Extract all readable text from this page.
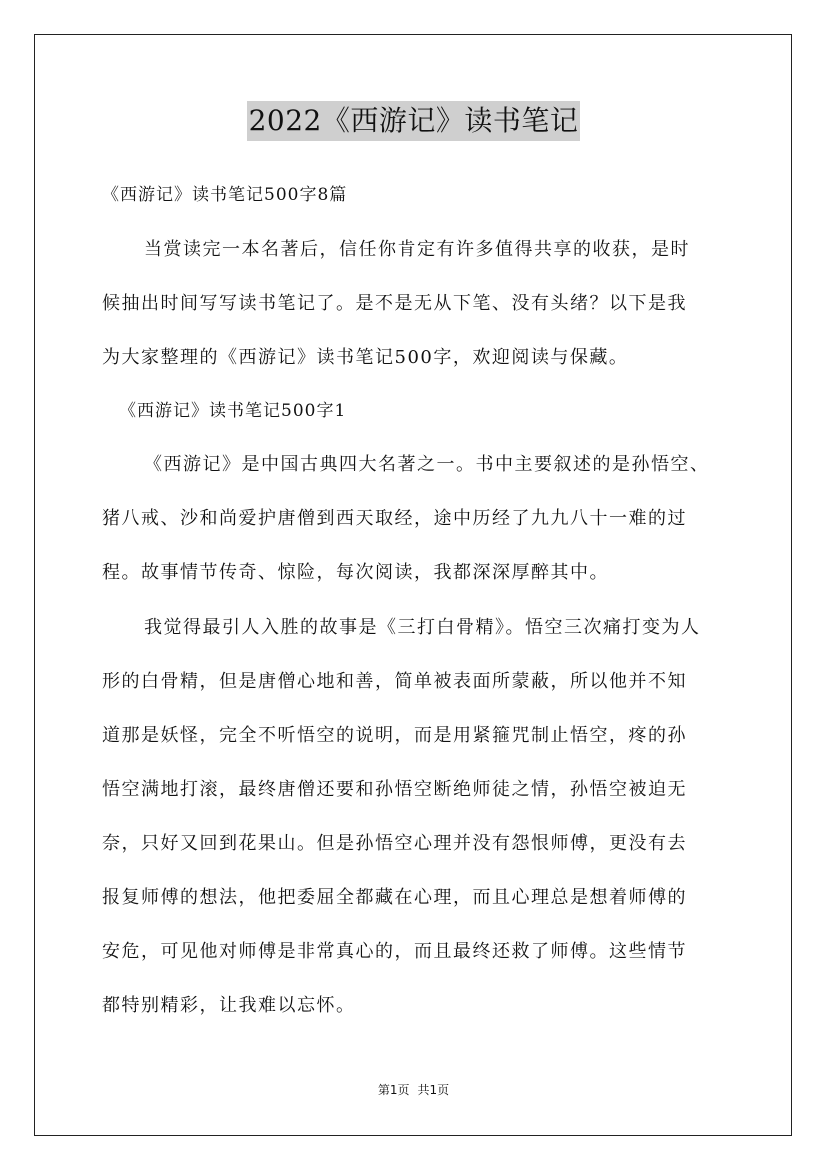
2022《西游记》读书笔记
《西游记》读书笔记500字8篇
当赏读完一本名著后，信任你肯定有许多值得共享的收获，是时
候抽出时间写写读书笔记了。是不是无从下笔、没有头绪？以下是我
为大家整理的《西游记》读书笔记500字，欢迎阅读与保藏。
《西游记》读书笔记500字1
《西游记》是中国古典四大名著之一。书中主要叙述的是孙悟空、
猪八戒、沙和尚爱护唐僧到西天取经，途中历经了九九八十一难的过
程。故事情节传奇、惊险，每次阅读，我都深深厚醉其中。
我觉得最引人入胜的故事是《三打白骨精》。悟空三次痛打变为人
形的白骨精，但是唐僧心地和善，简单被表面所蒙蔽，所以他并不知
道那是妖怪，完全不听悟空的说明，而是用紧箍咒制止悟空，疼的孙
悟空满地打滚，最终唐僧还要和孙悟空断绝师徒之情，孙悟空被迫无
奈，只好又回到花果山。但是孙悟空心理并没有怨恨师傅，更没有去
报复师傅的想法，他把委屈全都藏在心理，而且心理总是想着师傅的
安危，可见他对师傅是非常真心的，而且最终还救了师傅。这些情节
都特别精彩，让我难以忘怀。
第1页 共1页
